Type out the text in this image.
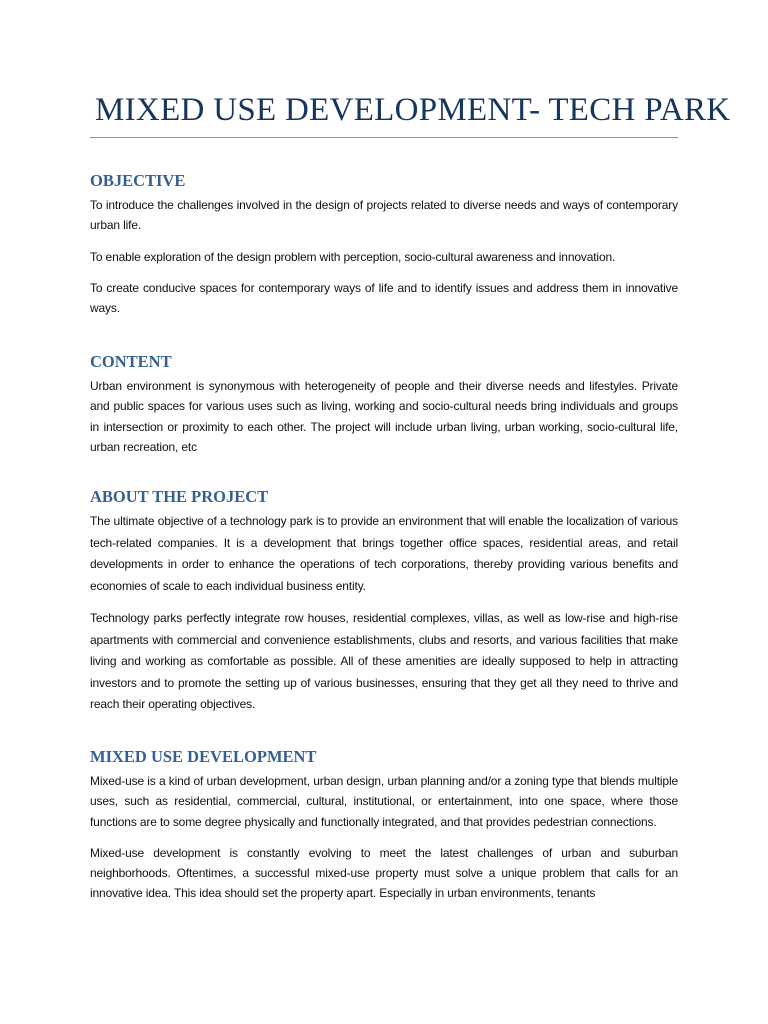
MIXED USE DEVELOPMENT- TECH PARK
OBJECTIVE

To introduce the challenges involved in the design of projects related to diverse needs and ways of contemporary urban life.

To enable exploration of the design problem with perception, socio-cultural awareness and innovation.

To create conducive spaces for contemporary ways of life and to identify issues and address them in innovative ways.

CONTENT

Urban environment is synonymous with heterogeneity of people and their diverse needs and lifestyles. Private and public spaces for various uses such as living, working and socio-cultural needs bring individuals and groups in intersection or proximity to each other. The project will include urban living, urban working, socio-cultural life, urban recreation, etc

ABOUT THE PROJECT

The ultimate objective of a technology park is to provide an environment that will enable the localization of various tech-related companies. It is a development that brings together office spaces, residential areas, and retail developments in order to enhance the operations of tech corporations, thereby providing various benefits and economies of scale to each individual business entity.

Technology parks perfectly integrate row houses, residential complexes, villas, as well as low-rise and high-rise apartments with commercial and convenience establishments, clubs and resorts, and various facilities that make living and working as comfortable as possible. All of these amenities are ideally supposed to help in attracting investors and to promote the setting up of various businesses, ensuring that they get all they need to thrive and reach their operating objectives.

MIXED USE DEVELOPMENT

Mixed-use is a kind of urban development, urban design, urban planning and/or a zoning type that blends multiple uses, such as residential, commercial, cultural, institutional, or entertainment, into one space, where those functions are to some degree physically and functionally integrated, and that provides pedestrian connections.

Mixed-use development is constantly evolving to meet the latest challenges of urban and suburban neighborhoods. Oftentimes, a successful mixed-use property must solve a unique problem that calls for an innovative idea. This idea should set the property apart. Especially in urban environments, tenants
